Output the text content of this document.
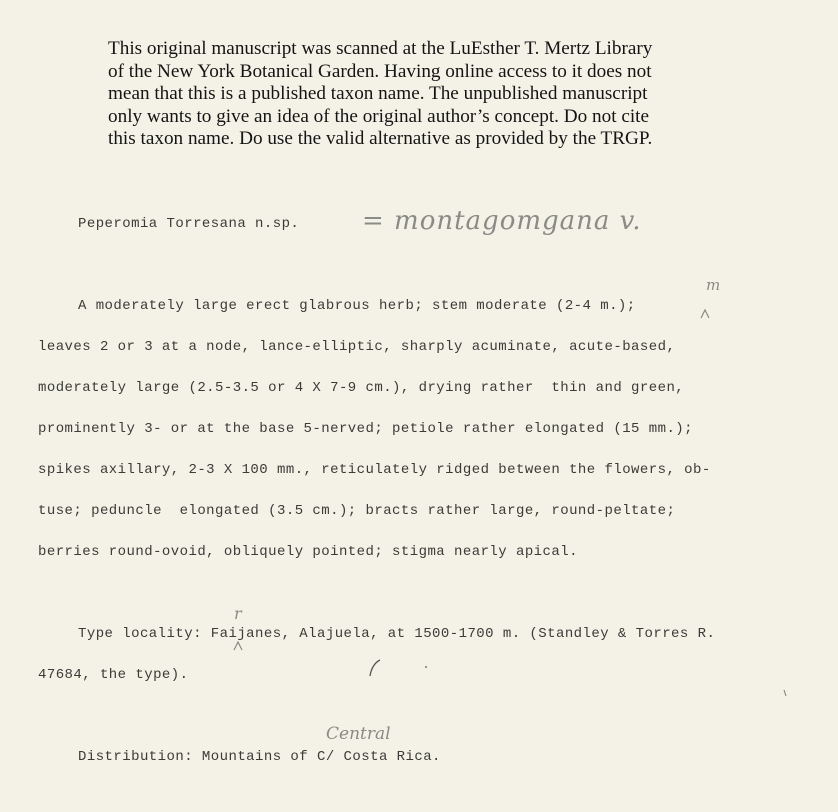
This original manuscript was scanned at the LuEsther T. Mertz Library
of the New York Botanical Garden. Having online access to it does not
mean that this is a published taxon name. The unpublished manuscript
only wants to give an idea of the original author’s concept. Do not cite
this taxon name. Do use the valid alternative as provided by the TRGP.
Peperomia Torresana n.sp. = montagomgana v.
A moderately large erect glabrous herb; stem moderate (2-4 m.);
leaves 2 or 3 at a node, lance-elliptic, sharply acuminate, acute-based,
moderately large (2.5-3.5 or 4 X 7-9 cm.), drying rather  thin and green,
prominently 3- or at the base 5-nerved; petiole rather elongated (15 mm.);
spikes axillary, 2-3 X 100 mm., reticulately ridged between the flowers, ob-
tuse; peduncle  elongated (3.5 cm.); bracts rather large, round-peltate;
berries round-ovoid, obliquely pointed; stigma nearly apical.
m
Type locality: Faijanes, Alajuela, at 1500-1700 m. (Standley & Torres R.
47684, the type).
r
Distribution: Mountains of C/ Costa Rica.
Central
